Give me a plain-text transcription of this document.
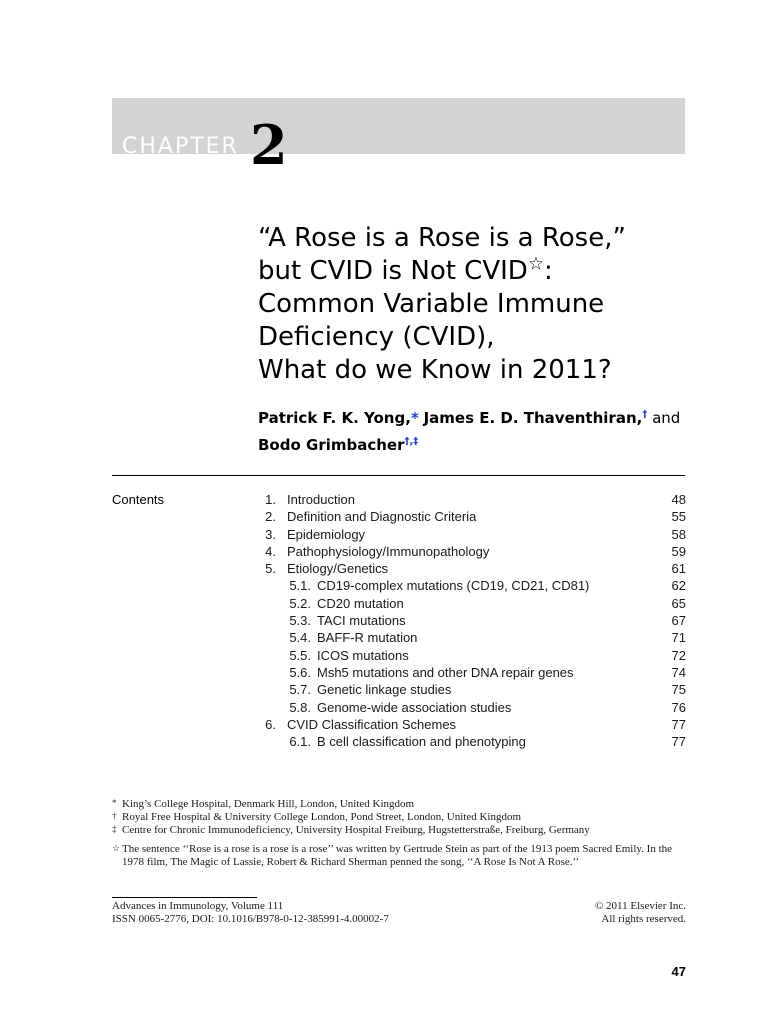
CHAPTER 2
“A Rose is a Rose is a Rose,”
but CVID is Not CVID☆:
Common Variable Immune
Deficiency (CVID),
What do we Know in 2011?
Patrick F. K. Yong,* James E. D. Thaventhiran,† and
Bodo Grimbacher†,‡
Contents	1. Introduction	48
2. Definition and Diagnostic Criteria	55
3. Epidemiology	58
4. Pathophysiology/Immunopathology	59
5. Etiology/Genetics	61
5.1. CD19-complex mutations (CD19, CD21, CD81)	62
5.2. CD20 mutation	65
5.3. TACI mutations	67
5.4. BAFF-R mutation	71
5.5. ICOS mutations	72
5.6. Msh5 mutations and other DNA repair genes	74
5.7. Genetic linkage studies	75
5.8. Genome-wide association studies	76
6. CVID Classification Schemes	77
6.1. B cell classification and phenotyping	77
* King’s College Hospital, Denmark Hill, London, United Kingdom
† Royal Free Hospital & University College London, Pond Street, London, United Kingdom
‡ Centre for Chronic Immunodeficiency, University Hospital Freiburg, Hugstetterstraße, Freiburg, Germany
☆ The sentence ‘‘Rose is a rose is a rose is a rose’’ was written by Gertrude Stein as part of the 1913 poem Sacred Emily. In the 1978 film, The Magic of Lassie, Robert & Richard Sherman penned the song, ‘‘A Rose Is Not A Rose.’’
Advances in Immunology, Volume 111
ISSN 0065-2776, DOI: 10.1016/B978-0-12-385991-4.00002-7
© 2011 Elsevier Inc.
All rights reserved.
47
